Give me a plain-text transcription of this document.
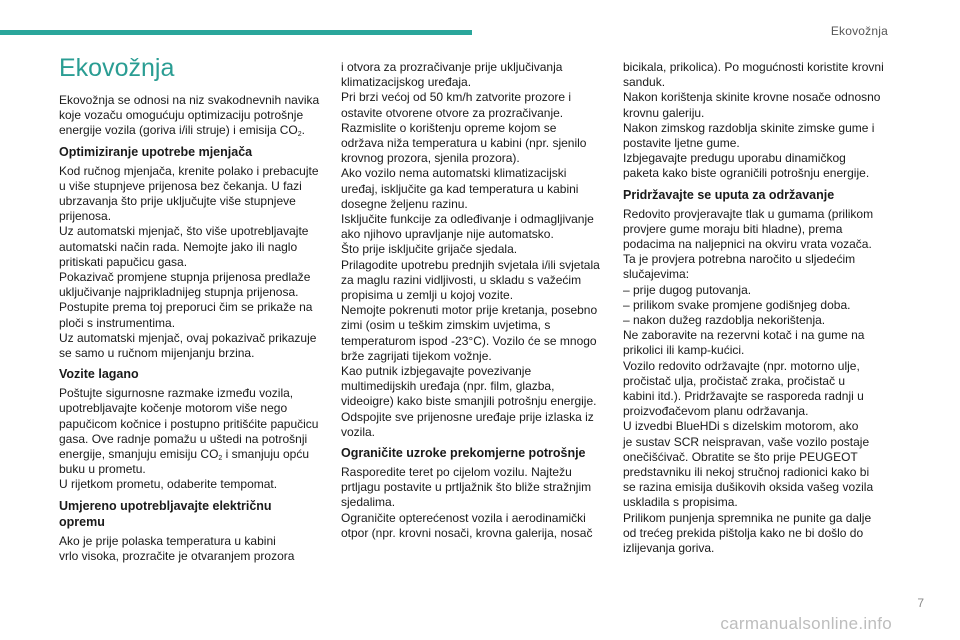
Ekovožnja
Ekovožnja

Ekovožnja se odnosi na niz svakodnevnih navika
koje vozaču omogućuju optimizaciju potrošnje
energije vozila (goriva i/ili struje) i emisija $CO_2$.

Optimiziranje upotrebe mjenjača

Kod ručnog mjenjača, krenite polako i prebacujte
u više stupnjeve prijenosa bez čekanja. U fazi
ubrzavanja što prije uključujte više stupnjeve
prijenosa.
Uz automatski mjenjač, što više upotrebljavajte
automatski način rada. Nemojte jako ili naglo
pritiskati papučicu gasa.
Pokazivač promjene stupnja prijenosa predlaže
uključivanje najprikladnijeg stupnja prijenosa.
Postupite prema toj preporuci čim se prikaže na
ploči s instrumentima.
Uz automatski mjenjač, ovaj pokazivač prikazuje
se samo u ručnom mijenjanju brzina.

Vozite lagano

Poštujte sigurnosne razmake između vozila,
upotrebljavajte kočenje motorom više nego
papučicom kočnice i postupno pritišćite papučicu
gasa. Ove radnje pomažu u uštedi na potrošnji
energije, smanjuju emisiju $CO_2$ i smanjuju opću
buku u prometu.
U rijetkom prometu, odaberite tempomat.

Umjereno upotrebljavajte električnu
opremu

Ako je prije polaska temperatura u kabini
vrlo visoka, prozračite je otvaranjem prozora

i otvora za prozračivanje prije uključivanja
klimatizacijskog uređaja.
Pri brzi većoj od 50 km/h zatvorite prozore i
ostavite otvorene otvore za prozračivanje.
Razmislite o korištenju opreme kojom se
održava niža temperatura u kabini (npr. sjenilo
krovnog prozora, sjenila prozora).
Ako vozilo nema automatski klimatizacijski
uređaj, isključite ga kad temperatura u kabini
dosegne željenu razinu.
Isključite funkcije za odleđivanje i odmagljivanje
ako njihovo upravljanje nije automatsko.
Što prije isključite grijače sjedala.
Prilagodite upotrebu prednjih svjetala i/ili svjetala
za maglu razini vidljivosti, u skladu s važećim
propisima u zemlji u kojoj vozite.
Nemojte pokrenuti motor prije kretanja, posebno
zimi (osim u teškim zimskim uvjetima, s
temperaturom ispod -23°C). Vozilo će se mnogo
brže zagrijati tijekom vožnje.
Kao putnik izbjegavajte povezivanje
multimedijskih uređaja (npr. film, glazba,
videoigre) kako biste smanjili potrošnju energije.
Odspojite sve prijenosne uređaje prije izlaska iz
vozila.

Ograničite uzroke prekomjerne potrošnje

Rasporedite teret po cijelom vozilu. Najtežu
prtljagu postavite u prtljažnik što bliže stražnjim
sjedalima.
Ograničite opterećenost vozila i aerodinamički
otpor (npr. krovni nosači, krovna galerija, nosač

bicikala, prikolica). Po mogućnosti koristite krovni
sanduk.
Nakon korištenja skinite krovne nosače odnosno
krovnu galeriju.
Nakon zimskog razdoblja skinite zimske gume i
postavite ljetne gume.
Izbjegavajte predugu uporabu dinamičkog
paketa kako biste ograničili potrošnju energije.

Pridržavajte se uputa za održavanje

Redovito provjeravajte tlak u gumama (prilikom
provjere gume moraju biti hladne), prema
podacima na naljepnici na okviru vrata vozača.
Ta je provjera potrebna naročito u sljedećim
slučajevima:
– prije dugog putovanja.
– prilikom svake promjene godišnjeg doba.
– nakon dužeg razdoblja nekorištenja.
Ne zaboravite na rezervni kotač i na gume na
prikolici ili kamp-kućici.
Vozilo redovito održavajte (npr. motorno ulje,
pročistač ulja, pročistač zraka, pročistač u
kabini itd.). Pridržavajte se rasporeda radnji u
proizvođačevom planu održavanja.
U izvedbi BlueHDi s dizelskim motorom, ako
je sustav SCR neispravan, vaše vozilo postaje
onečišćivač. Obratite se što prije PEUGEOT
predstavniku ili nekoj stručnoj radionici kako bi
se razina emisija dušikovih oksida vašeg vozila
uskladila s propisima.
Prilikom punjenja spremnika ne punite ga dalje
od trećeg prekida pištolja kako ne bi došlo do
izlijevanja goriva.

carmanualsonline.info
7
